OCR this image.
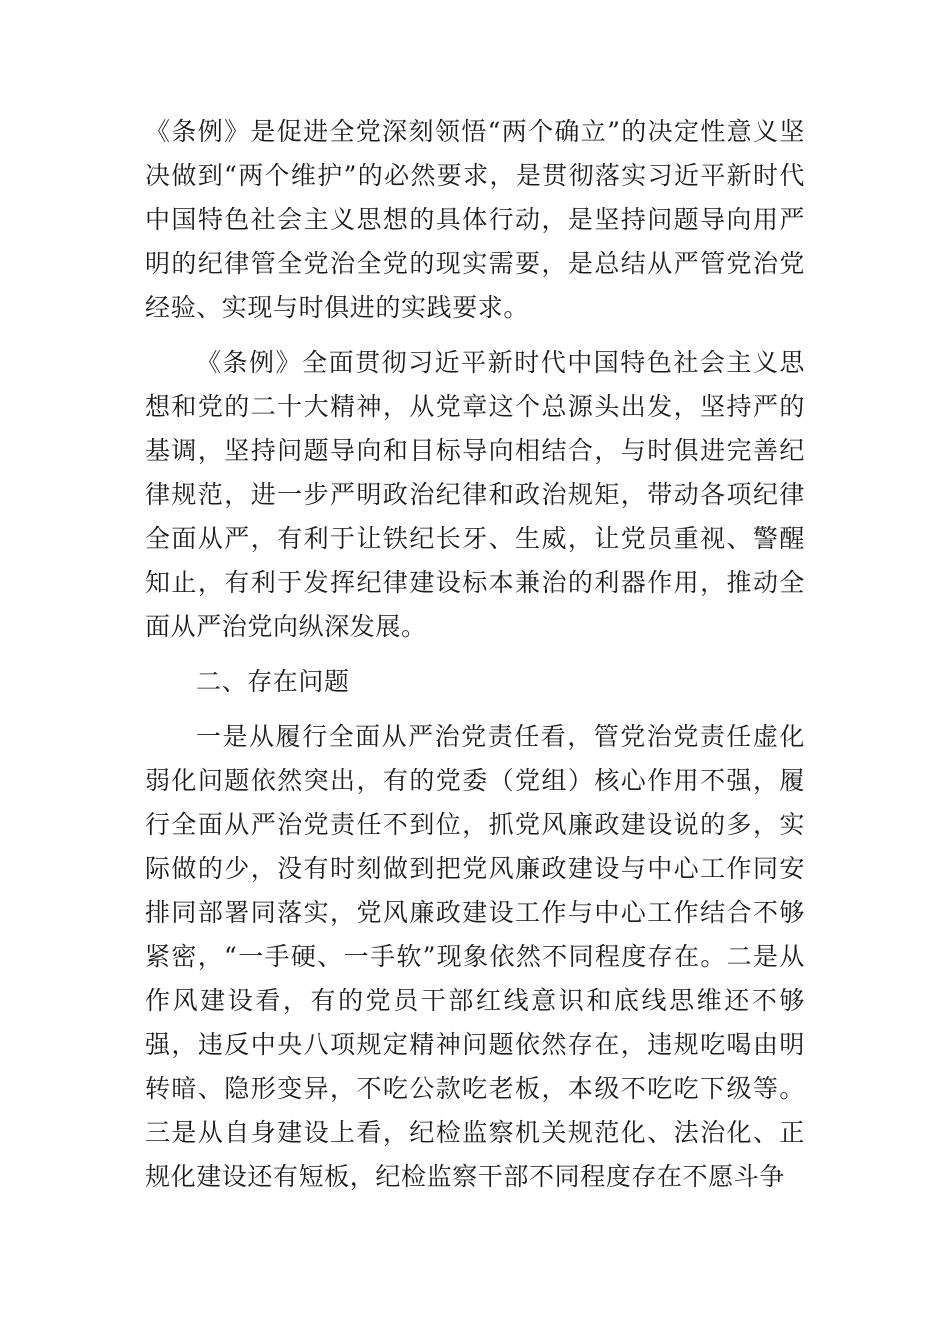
《条例》是促进全党深刻领悟“两个确立”的决定性意义坚决做到“两个维护”的必然要求，是贯彻落实习近平新时代中国特色社会主义思想的具体行动，是坚持问题导向用严明的纪律管全党治全党的现实需要，是总结从严管党治党经验、实现与时俱进的实践要求。

《条例》全面贯彻习近平新时代中国特色社会主义思想和党的二十大精神，从党章这个总源头出发，坚持严的基调，坚持问题导向和目标导向相结合，与时俱进完善纪律规范，进一步严明政治纪律和政治规矩，带动各项纪律全面从严，有利于让铁纪长牙、生威，让党员重视、警醒知止，有利于发挥纪律建设标本兼治的利器作用，推动全面从严治党向纵深发展。

二、存在问题

一是从履行全面从严治党责任看，管党治党责任虚化弱化问题依然突出，有的党委（党组）核心作用不强，履行全面从严治党责任不到位，抓党风廉政建设说的多，实际做的少，没有时刻做到把党风廉政建设与中心工作同安排同部署同落实，党风廉政建设工作与中心工作结合不够紧密，“一手硬、一手软”现象依然不同程度存在。二是从作风建设看，有的党员干部红线意识和底线思维还不够强，违反中央八项规定精神问题依然存在，违规吃喝由明转暗、隐形变异，不吃公款吃老板，本级不吃吃下级等。三是从自身建设上看，纪检监察机关规范化、法治化、正规化建设还有短板，纪检监察干部不同程度存在不愿斗争
